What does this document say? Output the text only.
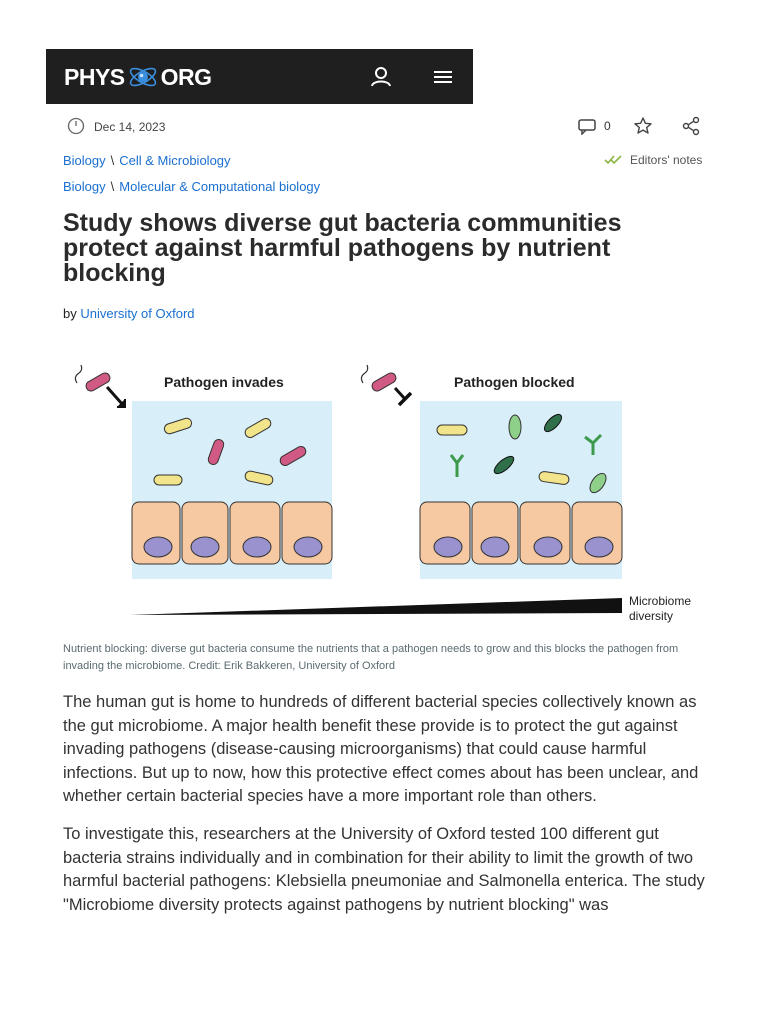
PHYS ORG
Dec 14, 2023	0
Biology \ Cell & Microbiology
Biology \ Molecular & Computational biology
Editors' notes
Study shows diverse gut bacteria communities protect against harmful pathogens by nutrient blocking
by University of Oxford
Pathogen invades	Pathogen blocked
Microbiome
diversity
Nutrient blocking: diverse gut bacteria consume the nutrients that a pathogen needs to grow and this blocks the pathogen from invading the microbiome. Credit: Erik Bakkeren, University of Oxford

The human gut is home to hundreds of different bacterial species collectively known as the gut microbiome. A major health benefit these provide is to protect the gut against invading pathogens (disease-causing microorganisms) that could cause harmful infections. But up to now, how this protective effect comes about has been unclear, and whether certain bacterial species have a more important role than others.

To investigate this, researchers at the University of Oxford tested 100 different gut bacteria strains individually and in combination for their ability to limit the growth of two harmful bacterial pathogens: Klebsiella pneumoniae and Salmonella enterica. The study "Microbiome diversity protects against pathogens by nutrient blocking" was
